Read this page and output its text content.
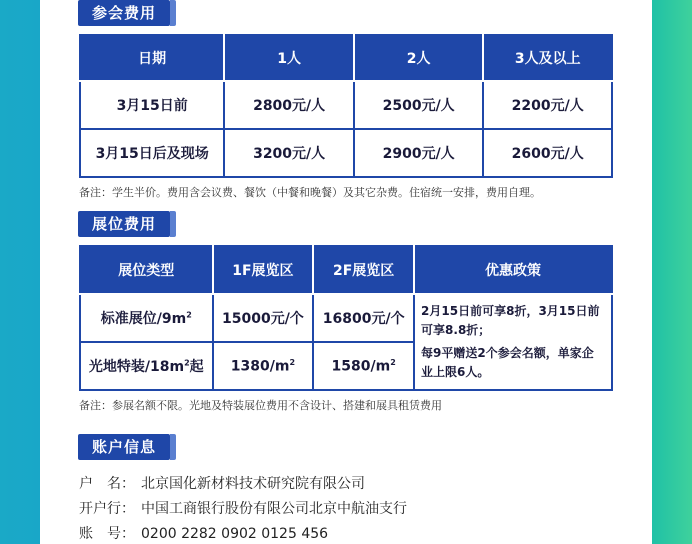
参会费用
日期	1人	2人	3人及以上
3月15日前	2800元/人	2500元/人	2200元/人
3月15日后及现场	3200元/人	2900元/人	2600元/人
备注：学生半价。费用含会议费、餐饮（中餐和晚餐）及其它杂费。住宿统一安排，费用自理。
展位费用
展位类型	1F展览区	2F展览区	优惠政策
标准展位$/9m^2$	15000元/个	16800元/个	2月15日前可享8折，3月15日前可享8.8折；
每9平赠送2个参会名额，单家企业上限6人。

光地特装$/18m^2$起	$1380/m^2$	$1580/m^2$
备注：参展名额不限。光地及特装展位费用不含设计、搭建和展具租赁费用
账户信息
户　名： 北京国化新材料技术研究院有限公司
开户行： 中国工商银行股份有限公司北京中航油支行
账　号： 0200 2282 0902 0125 456
